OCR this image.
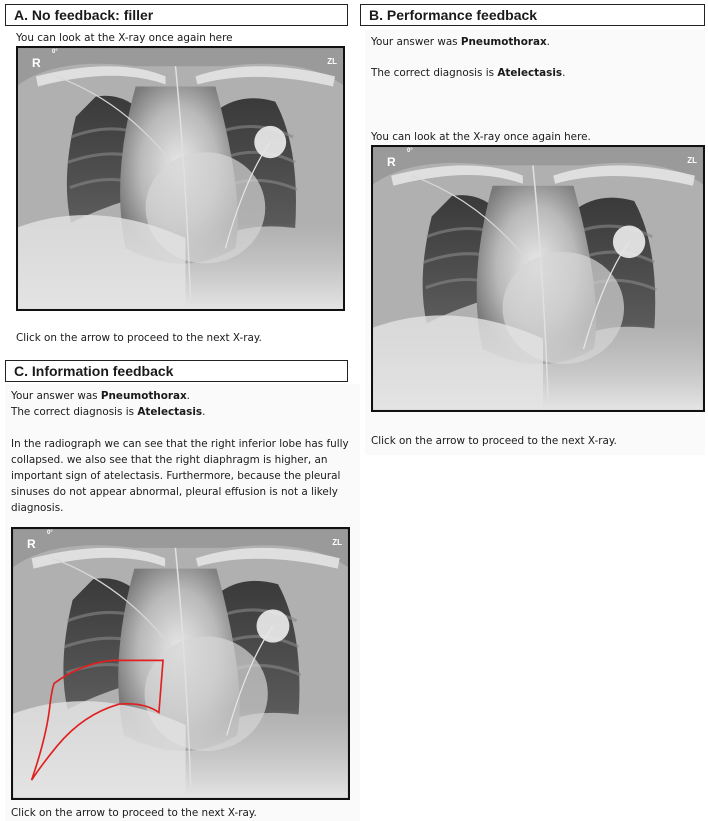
A. No feedback: filler
You can look at the X-ray once again here
R
0°
ZL
Click on the arrow to proceed to the next X-ray.
B. Performance feedback
Your answer was Pneumothorax.
The correct diagnosis is Atelectasis.
You can look at the X-ray once again here.
R
0°
ZL
Click on the arrow to proceed to the next X-ray.
C. Information feedback
Your answer was Pneumothorax.
The correct diagnosis is Atelectasis.
In the radiograph we can see that the right inferior lobe has fully collapsed. we also see that the right diaphragm is higher, an important sign of atelectasis. Furthermore, because the pleural sinuses do not appear abnormal, pleural effusion is not a likely diagnosis.
R
0°
ZL
Click on the arrow to proceed to the next X-ray.
